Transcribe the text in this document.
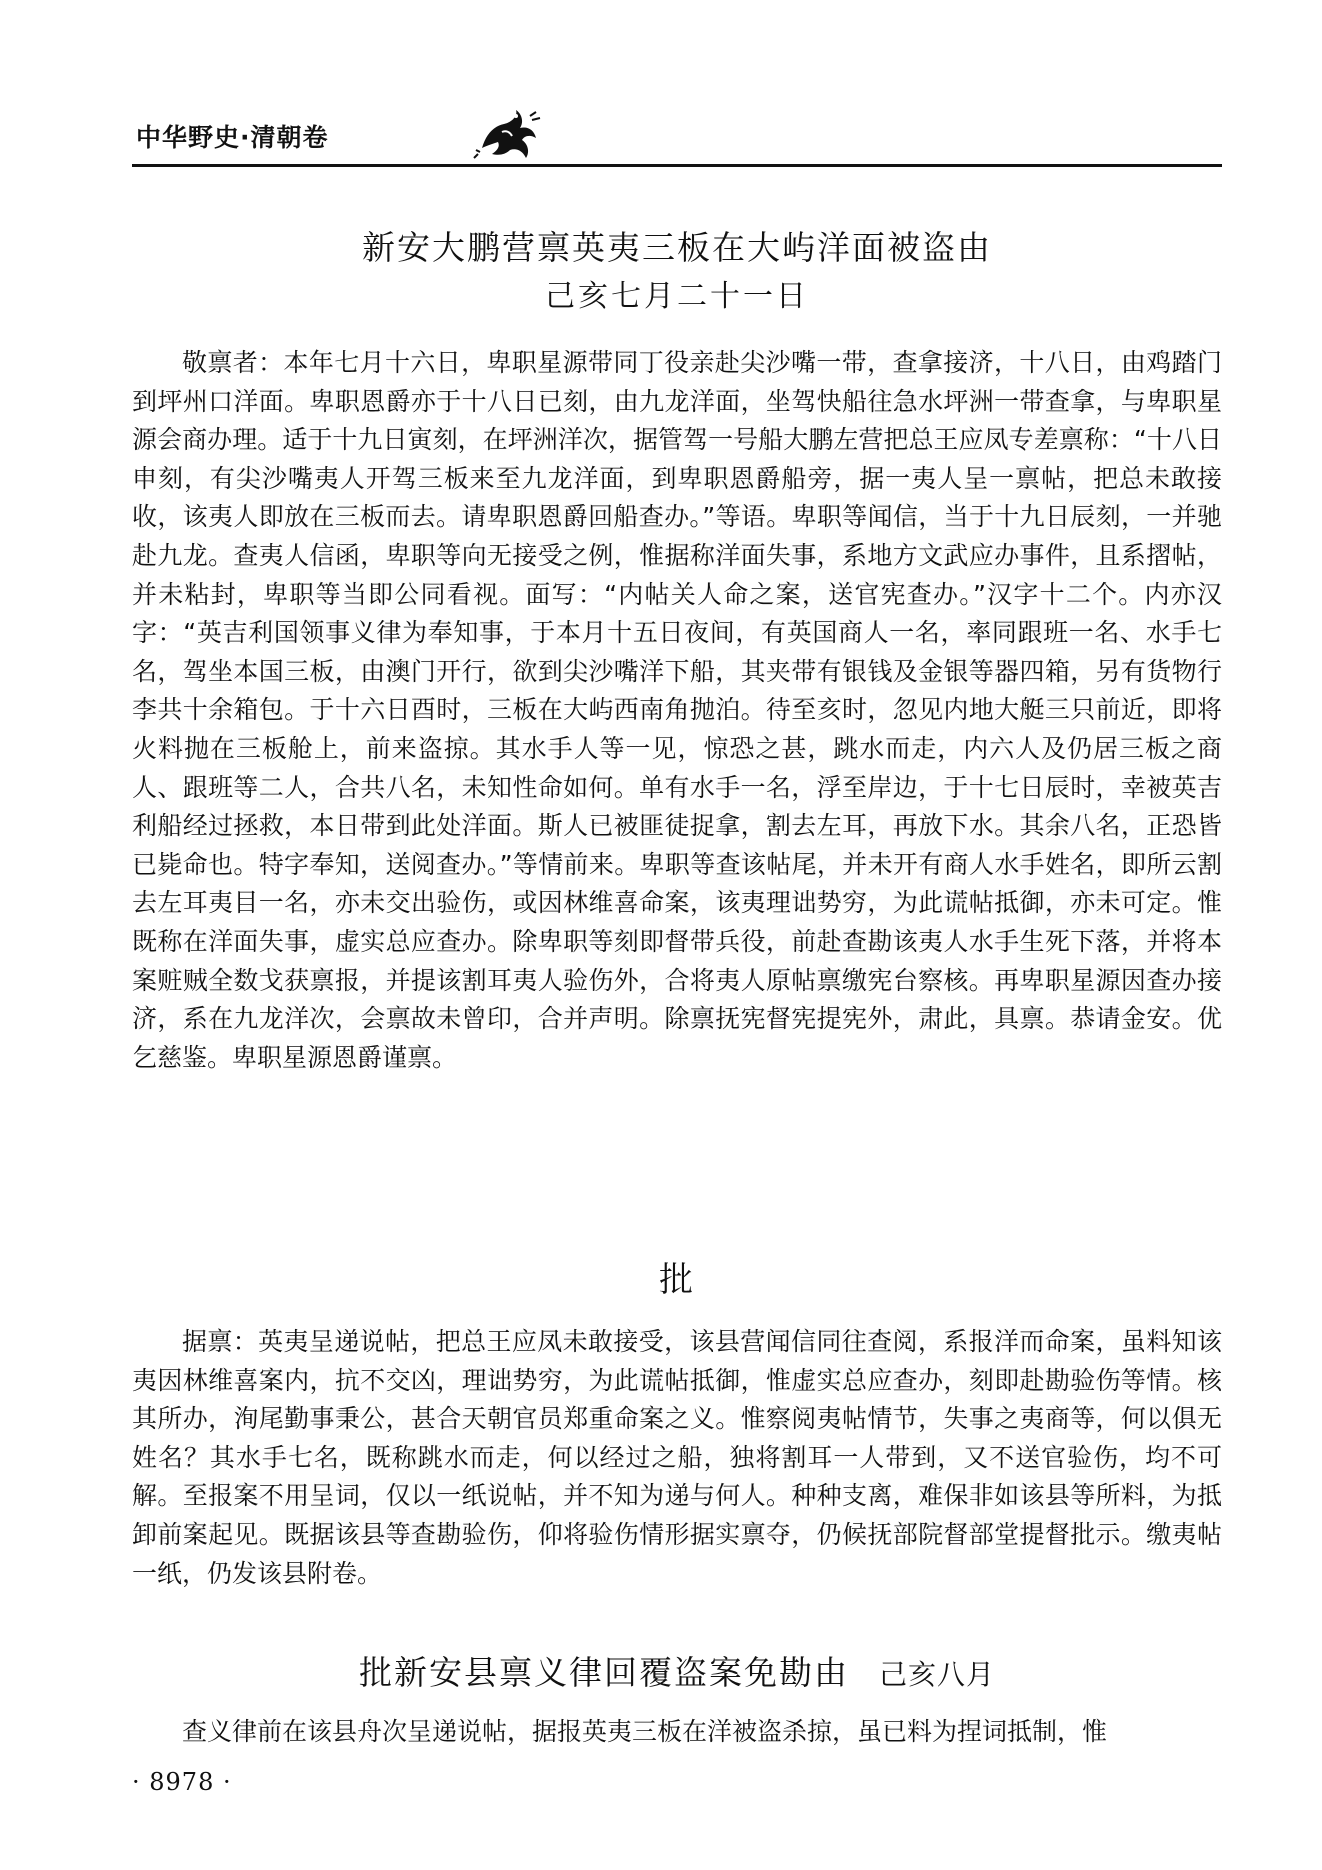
中华野史·清朝卷
新安大鹏营禀英夷三板在大屿洋面被盗由
己亥七月二十一日

敬禀者：本年七月十六日，卑职星源带同丁役亲赴尖沙嘴一带，查拿接济，十八日，由鸡踏门到坪州口洋面。卑职恩爵亦于十八日已刻，由九龙洋面，坐驾快船往急水坪洲一带查拿，与卑职星源会商办理。适于十九日寅刻，在坪洲洋次，据管驾一号船大鹏左营把总王应凤专差禀称：“十八日申刻，有尖沙嘴夷人开驾三板来至九龙洋面，到卑职恩爵船旁，据一夷人呈一禀帖，把总未敢接收，该夷人即放在三板而去。请卑职恩爵回船查办。”等语。卑职等闻信，当于十九日辰刻，一并驰赴九龙。查夷人信函，卑职等向无接受之例，惟据称洋面失事，系地方文武应办事件，且系摺帖，并未粘封，卑职等当即公同看视。面写：“内帖关人命之案，送官宪查办。”汉字十二个。内亦汉字：“英吉利国领事义律为奉知事，于本月十五日夜间，有英国商人一名，率同跟班一名、水手七名，驾坐本国三板，由澳门开行，欲到尖沙嘴洋下船，其夹带有银钱及金银等器四箱，另有货物行李共十余箱包。于十六日酉时，三板在大屿西南角抛泊。待至亥时，忽见内地大艇三只前近，即将火料抛在三板舱上，前来盗掠。其水手人等一见，惊恐之甚，跳水而走，内六人及仍居三板之商人、跟班等二人，合共八名，未知性命如何。单有水手一名，浮至岸边，于十七日辰时，幸被英吉利船经过拯救，本日带到此处洋面。斯人已被匪徒捉拿，割去左耳，再放下水。其余八名，正恐皆已毙命也。特字奉知，送阅查办。”等情前来。卑职等查该帖尾，并未开有商人水手姓名，即所云割去左耳夷目一名，亦未交出验伤，或因林维喜命案，该夷理诎势穷，为此谎帖抵御，亦未可定。惟既称在洋面失事，虚实总应查办。除卑职等刻即督带兵役，前赴查勘该夷人水手生死下落，并将本案赃贼全数戈获禀报，并提该割耳夷人验伤外，合将夷人原帖禀缴宪台察核。再卑职星源因查办接济，系在九龙洋次，会禀故未曾印，合并声明。除禀抚宪督宪提宪外，肃此，具禀。恭请金安。优乞慈鉴。卑职星源恩爵谨禀。

批

据禀：英夷呈递说帖，把总王应凤未敢接受，该县营闻信同往查阅，系报洋而命案，虽料知该夷因林维喜案内，抗不交凶，理诎势穷，为此谎帖抵御，惟虚实总应查办，刻即赴勘验伤等情。核其所办，洵尾勤事秉公，甚合天朝官员郑重命案之义。惟察阅夷帖情节，失事之夷商等，何以俱无姓名？其水手七名，既称跳水而走，何以经过之船，独将割耳一人带到，又不送官验伤，均不可解。至报案不用呈词，仅以一纸说帖，并不知为递与何人。种种支离，难保非如该县等所料，为抵卸前案起见。既据该县等查勘验伤，仰将验伤情形据实禀夺，仍候抚部院督部堂提督批示。缴夷帖一纸，仍发该县附卷。

批新安县禀义律回覆盗案免勘由 己亥八月

查义律前在该县舟次呈递说帖，据报英夷三板在洋被盗杀掠，虽已料为捏词抵制，惟

· 8978 ·
